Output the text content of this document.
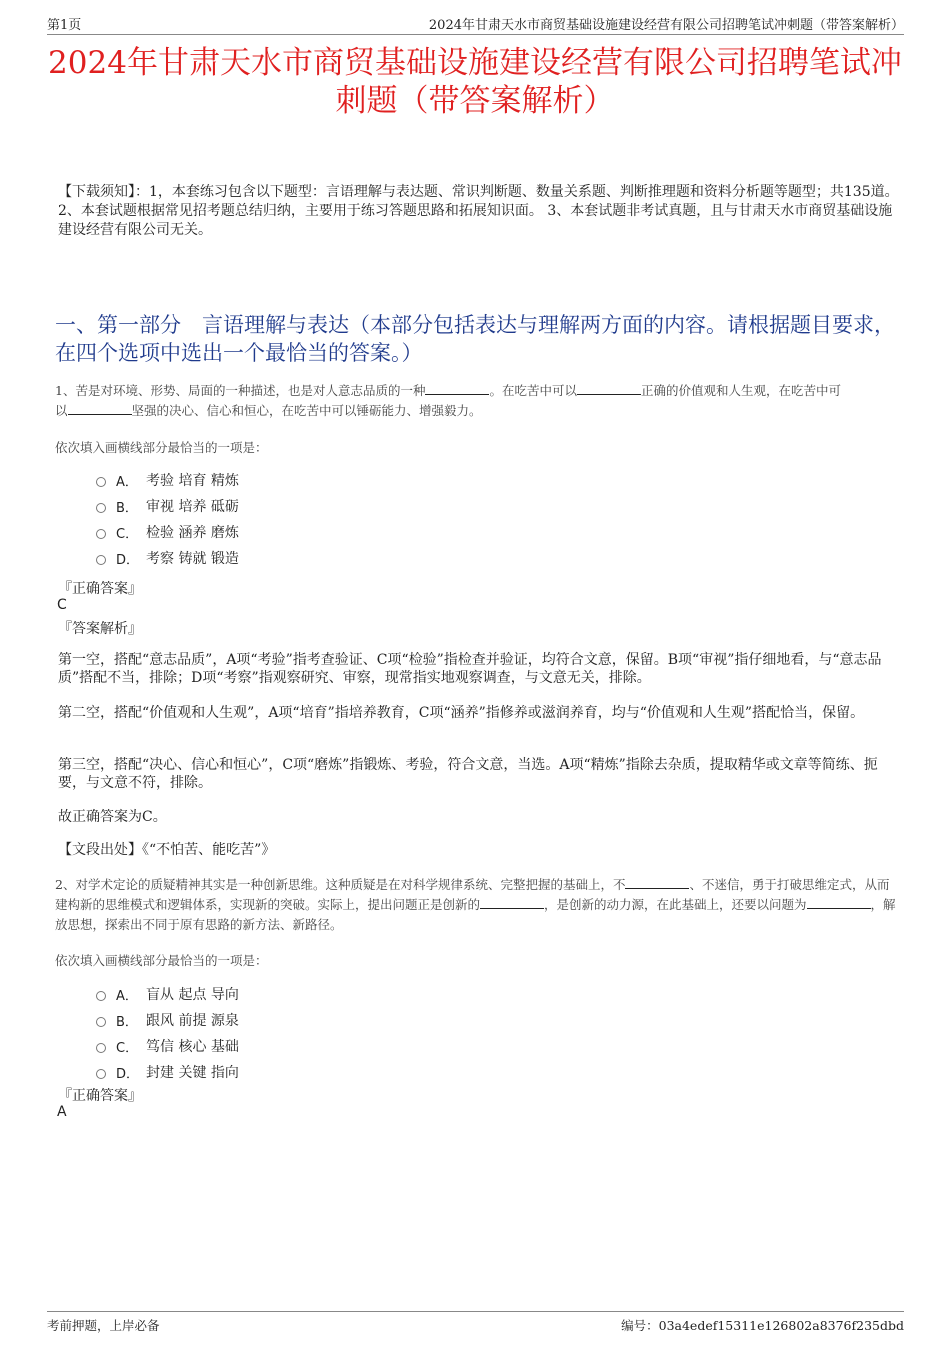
第1页	2024年甘肃天水市商贸基础设施建设经营有限公司招聘笔试冲刺题（带答案解析）
2024年甘肃天水市商贸基础设施建设经营有限公司招聘笔试冲
刺题（带答案解析）
【下载须知】：1，本套练习包含以下题型：言语理解与表达题、常识判断题、数量关系题、判断推理题和资料分析题等题型；共135道。 2、本套试题根据常见招考题总结归纳，主要用于练习答题思路和拓展知识面。 3、本套试题非考试真题，且与甘肃天水市商贸基础设施建设经营有限公司无关。
一、第一部分　言语理解与表达（本部分包括表达与理解两方面的内容。请根据题目要求，在四个选项中选出一个最恰当的答案。）
1、苦是对环境、形势、局面的一种描述，也是对人意志品质的一种	。在吃苦中可以	正确的价值观和人生观，在吃苦中可
以	坚强的决心、信心和恒心，在吃苦中可以锤砺能力、增强毅力。
依次填入画横线部分最恰当的一项是：
A． 考验 培育 精炼
B． 审视 培养 砥砺
C． 检验 涵养 磨炼
D． 考察 铸就 锻造
『正确答案』
C
『答案解析』
第一空，搭配“意志品质”，A项“考验”指考查验证、C项“检验”指检查并验证，均符合文意，保留。B项“审视”指仔细地看，与“意志品质”搭配不当，排除；D项“考察”指观察研究、审察，现常指实地观察调查，与文意无关，排除。
第二空，搭配“价值观和人生观”，A项“培育”指培养教育，C项“涵养”指修养或滋润养育，均与“价值观和人生观”搭配恰当，保留。
第三空，搭配“决心、信心和恒心”，C项“磨炼”指锻炼、考验，符合文意，当选。A项“精炼”指除去杂质，提取精华或文章等简练、扼要，与文意不符，排除。
故正确答案为C。
【文段出处】《“不怕苦、能吃苦”》
2、对学术定论的质疑精神其实是一种创新思维。这种质疑是在对科学规律系统、完整把握的基础上，不	、不迷信，勇于打破思维定式，从而建构新的思维模式和逻辑体系，实现新的突破。实际上，提出问题正是创新的	，是创新的动力源，在此基础上，还要以问题为	，解放思想，探索出不同于原有思路的新方法、新路径。
依次填入画横线部分最恰当的一项是：
A． 盲从 起点 导向
B． 跟风 前提 源泉
C． 笃信 核心 基础
D． 封建 关键 指向
『正确答案』
A
考前押题，上岸必备	编号：03a4edef15311e126802a8376f235dbd
